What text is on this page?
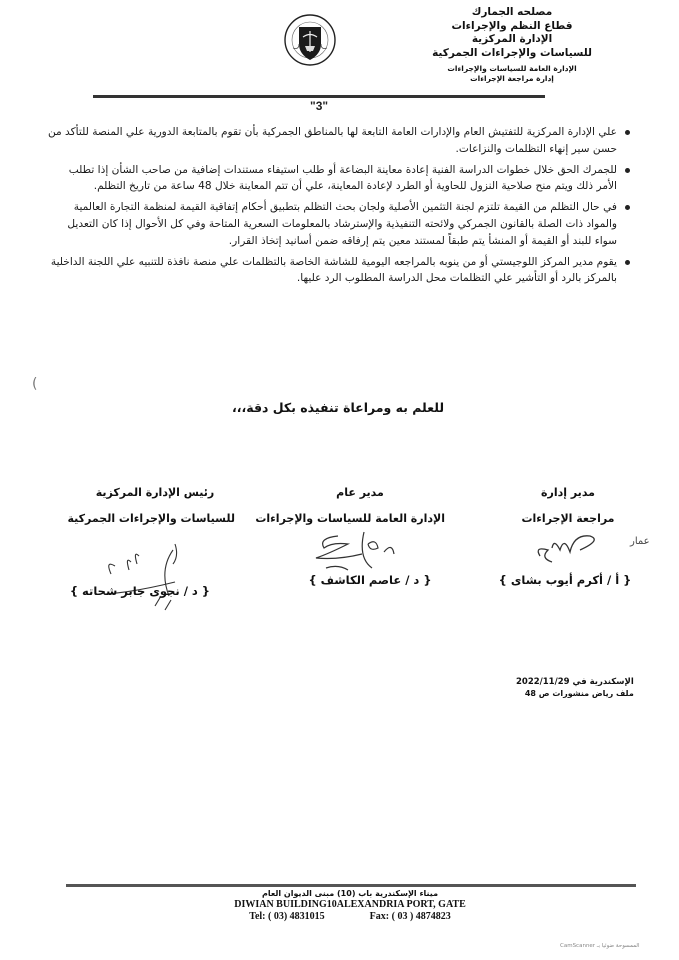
مصلحه الجمارك
قطاع النظم والإجراءات
الإدارة المركزية
للسياسات والإجراءات الجمركية
الإدارة العامة للسياسات والإجراءات
إدارة مراجعة الإجراءات
"3"
علي الإدارة المركزية للتفتيش العام والإدارات العامة التابعة لها بالمناطق الجمركية بأن تقوم بالمتابعة الدورية علي المنصة للتأكد من حسن سير إنهاء التظلمات والنزاعات.
للجمرك الحق خلال خطوات الدراسة الفنية إعادة معاينة البضاعة أو طلب استيفاء مستندات إضافية من صاحب الشأن إذا تطلب الأمر ذلك ويتم منح صلاحية النزول للحاوية أو الطرد لإعادة المعاينة، علي أن تتم المعاينة خلال 48 ساعة من تاريخ التظلم.
في حال التظلم من القيمة تلتزم لجنة التثمين الأصلية ولجان بحث التظلم بتطبيق أحكام إتفاقية القيمة لمنظمة التجارة العالمية والمواد ذات الصلة بالقانون الجمركي ولائحته التنفيذية والإسترشاد بالمعلومات السعرية المتاحة وفي كل الأحوال إذا كان التعديل سواء للبند أو القيمة أو المنشأ يتم طبقاً لمستند معين يتم إرفاقه ضمن أسانيد إتخاذ القرار.
يقوم مدير المركز اللوجيستي أو من ينوبه بالمراجعه اليومية للشاشة الخاصة بالتظلمات علي منصة نافذة للتنبيه علي اللجنة الداخلية بالمركز بالرد أو التأشير علي التظلمات محل الدراسة المطلوب الرد عليها.
(
للعلم به ومراعاة تنفيذه بكل دقة،،،
مدير إدارة
مراجعة الإجراءات
مدير عام
الإدارة العامة للسياسات والإجراءات
رئيس الإدارة المركزية
للسياسات والإجراءات الجمركية
عمار
{ أ / أكرم أيوب بشاى }
{ د / عاصم الكاشف }
{ د / نجوى جابر شحاته }
الإسكندرية في 2022/11/29
ملف رياض منشورات ص 48
ميناء الإسكندرية باب (10) مبنى الديوان العام
DIWIAN BUILDING10ALEXANDRIA PORT, GATE
Tel: ( 03) 4831015	Fax: ( 03 ) 4874823
الممسوحة ضوئيا بـ CamScanner
